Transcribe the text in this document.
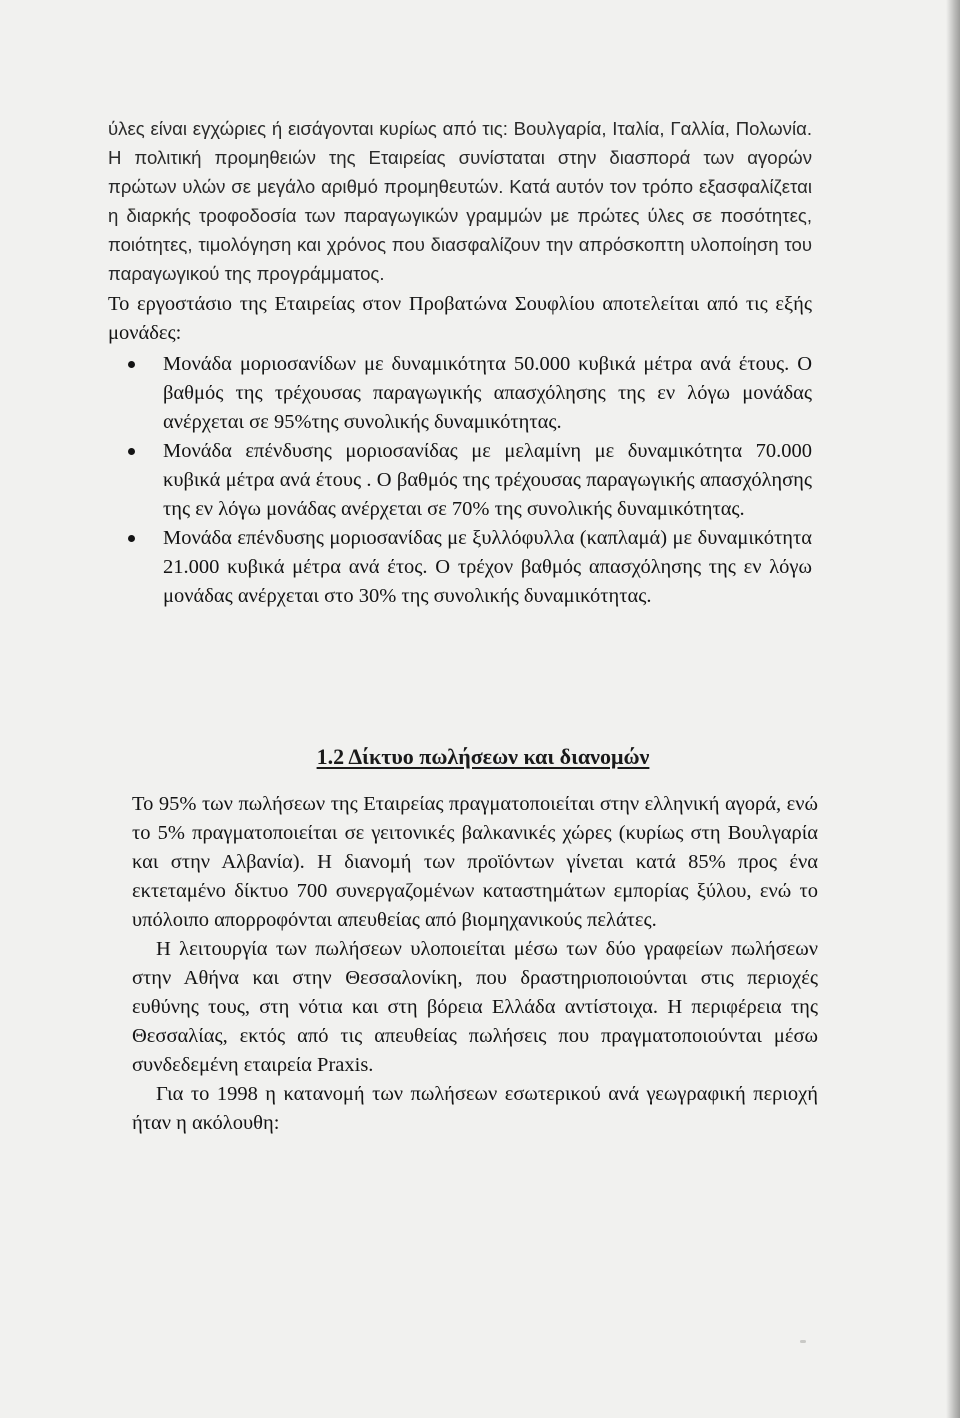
ύλες είναι εγχώριες ή εισάγονται κυρίως από τις: Βουλγαρία, Ιταλία, Γαλλία, Πολωνία. Η πολιτική προμηθειών της Εταιρείας συνίσταται στην διασπορά των αγορών πρώτων υλών σε μεγάλο αριθμό προμηθευτών. Κατά αυτόν τον τρόπο εξασφαλίζεται η διαρκής τροφοδοσία των παραγωγικών γραμμών με πρώτες ύλες σε ποσότητες, ποιότητες, τιμολόγηση και χρόνος που διασφαλίζουν την απρόσκοπτη υλοποίηση του παραγωγικού της προγράμματος.

Το εργοστάσιο της Εταιρείας στον Προβατώνα Σουφλίου αποτελείται από τις εξής μονάδες:

Μονάδα μοριοσανίδων με δυναμικότητα 50.000 κυβικά μέτρα ανά έτους. Ο βαθμός της τρέχουσας παραγωγικής απασχόλησης της εν λόγω μονάδας ανέρχεται σε 95%της συνολικής δυναμικότητας.
Μονάδα επένδυσης μοριοσανίδας με μελαμίνη με δυναμικότητα 70.000 κυβικά μέτρα ανά έτους . Ο βαθμός της τρέχουσας παραγωγικής απασχόλησης της εν λόγω μονάδας ανέρχεται σε 70% της συνολικής δυναμικότητας.
Μονάδα επένδυσης μοριοσανίδας με ξυλλόφυλλα (καπλαμά) με δυναμικότητα 21.000 κυβικά μέτρα ανά έτος. Ο τρέχον βαθμός απασχόλησης της εν λόγω μονάδας ανέρχεται στο 30% της συνολικής δυναμικότητας.
1.2 Δίκτυο πωλήσεων και διανομών

Το 95% των πωλήσεων της Εταιρείας πραγματοποιείται στην ελληνική αγορά, ενώ το 5% πραγματοποιείται σε γειτονικές βαλκανικές χώρες (κυρίως στη Βουλγαρία και στην Αλβανία). Η διανομή των προϊόντων γίνεται κατά 85% προς ένα εκτεταμένο δίκτυο 700 συνεργαζομένων καταστημάτων εμπορίας ξύλου, ενώ το υπόλοιπο απορροφόνται απευθείας από βιομηχανικούς πελάτες.

Η λειτουργία των πωλήσεων υλοποιείται μέσω των δύο γραφείων πωλήσεων στην Αθήνα και στην Θεσσαλονίκη, που δραστηριοποιούνται στις περιοχές ευθύνης τους, στη νότια και στη βόρεια Ελλάδα αντίστοιχα. Η περιφέρεια της Θεσσαλίας, εκτός από τις απευθείας πωλήσεις που πραγματοποιούνται μέσω συνδεδεμένη εταιρεία Praxis.

Για το 1998 η κατανομή των πωλήσεων εσωτερικού ανά γεωγραφική περιοχή ήταν η ακόλουθη:
